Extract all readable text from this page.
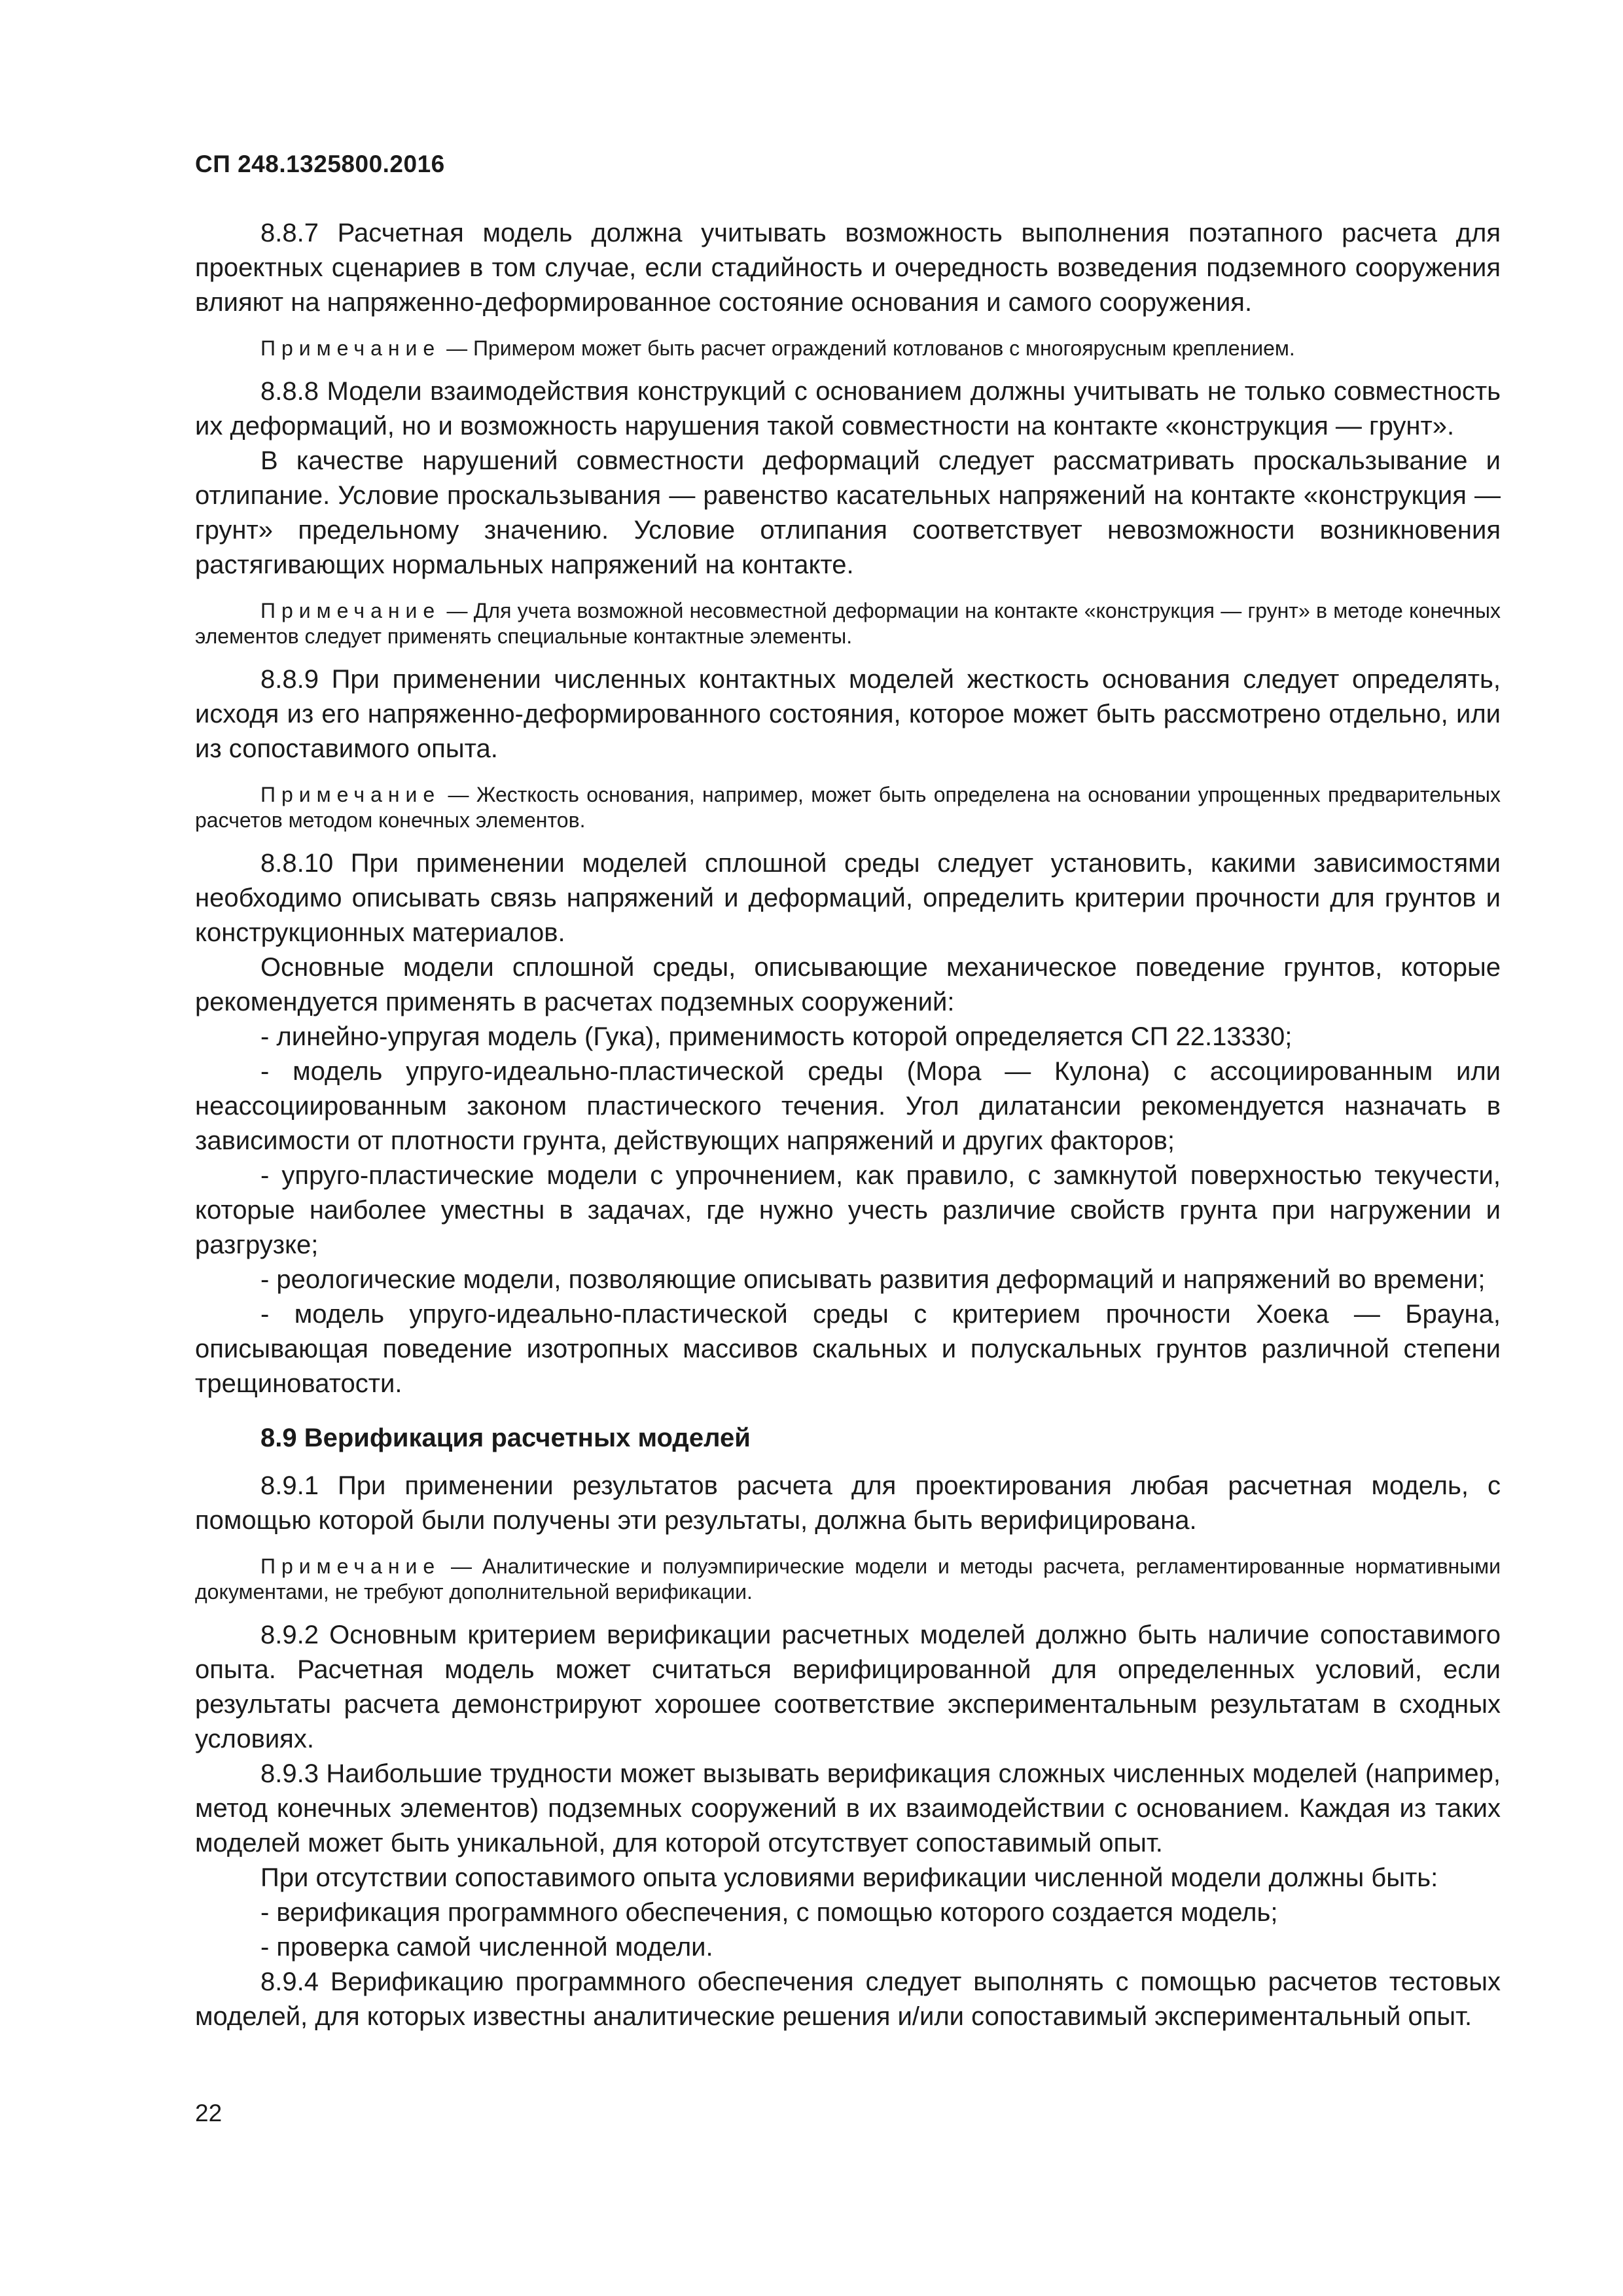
СП 248.1325800.2016

8.8.7 Расчетная модель должна учитывать возможность выполнения поэтапного расчета для проектных сценариев в том случае, если стадийность и очередность возведения подземного сооружения влияют на напряженно-деформированное состояние основания и самого сооружения.

Примечание — Примером может быть расчет ограждений котлованов с многоярусным креплением.

8.8.8 Модели взаимодействия конструкций с основанием должны учитывать не только совместность их деформаций, но и возможность нарушения такой совместности на контакте «конструкция — грунт».

В качестве нарушений совместности деформаций следует рассматривать проскальзывание и отлипание. Условие проскальзывания — равенство касательных напряжений на контакте «конструкция — грунт» предельному значению. Условие отлипания соответствует невозможности возникновения растягивающих нормальных напряжений на контакте.

Примечание — Для учета возможной несовместной деформации на контакте «конструкция — грунт» в методе конечных элементов следует применять специальные контактные элементы.

8.8.9 При применении численных контактных моделей жесткость основания следует определять, исходя из его напряженно-деформированного состояния, которое может быть рассмотрено отдельно, или из сопоставимого опыта.

Примечание — Жесткость основания, например, может быть определена на основании упрощенных предварительных расчетов методом конечных элементов.

8.8.10 При применении моделей сплошной среды следует установить, какими зависимостями необходимо описывать связь напряжений и деформаций, определить критерии прочности для грунтов и конструкционных материалов.

Основные модели сплошной среды, описывающие механическое поведение грунтов, которые рекомендуется применять в расчетах подземных сооружений:

- линейно-упругая модель (Гука), применимость которой определяется СП 22.13330;

- модель упруго-идеально-пластической среды (Мора — Кулона) с ассоциированным или неассоциированным законом пластического течения. Угол дилатансии рекомендуется назначать в зависимости от плотности грунта, действующих напряжений и других факторов;

- упруго-пластические модели с упрочнением, как правило, с замкнутой поверхностью текучести, которые наиболее уместны в задачах, где нужно учесть различие свойств грунта при нагружении и разгрузке;

- реологические модели, позволяющие описывать развития деформаций и напряжений во времени;

- модель упруго-идеально-пластической среды с критерием прочности Хоека — Брауна, описывающая поведение изотропных массивов скальных и полускальных грунтов различной степени трещиноватости.

8.9 Верификация расчетных моделей

8.9.1 При применении результатов расчета для проектирования любая расчетная модель, с помощью которой были получены эти результаты, должна быть верифицирована.

Примечание — Аналитические и полуэмпирические модели и методы расчета, регламентированные нормативными документами, не требуют дополнительной верификации.

8.9.2 Основным критерием верификации расчетных моделей должно быть наличие сопоставимого опыта. Расчетная модель может считаться верифицированной для определенных условий, если результаты расчета демонстрируют хорошее соответствие экспериментальным результатам в сходных условиях.

8.9.3 Наибольшие трудности может вызывать верификация сложных численных моделей (например, метод конечных элементов) подземных сооружений в их взаимодействии с основанием. Каждая из таких моделей может быть уникальной, для которой отсутствует сопоставимый опыт.

При отсутствии сопоставимого опыта условиями верификации численной модели должны быть:

- верификация программного обеспечения, с помощью которого создается модель;

- проверка самой численной модели.

8.9.4 Верификацию программного обеспечения следует выполнять с помощью расчетов тестовых моделей, для которых известны аналитические решения и/или сопоставимый экспериментальный опыт.

22
